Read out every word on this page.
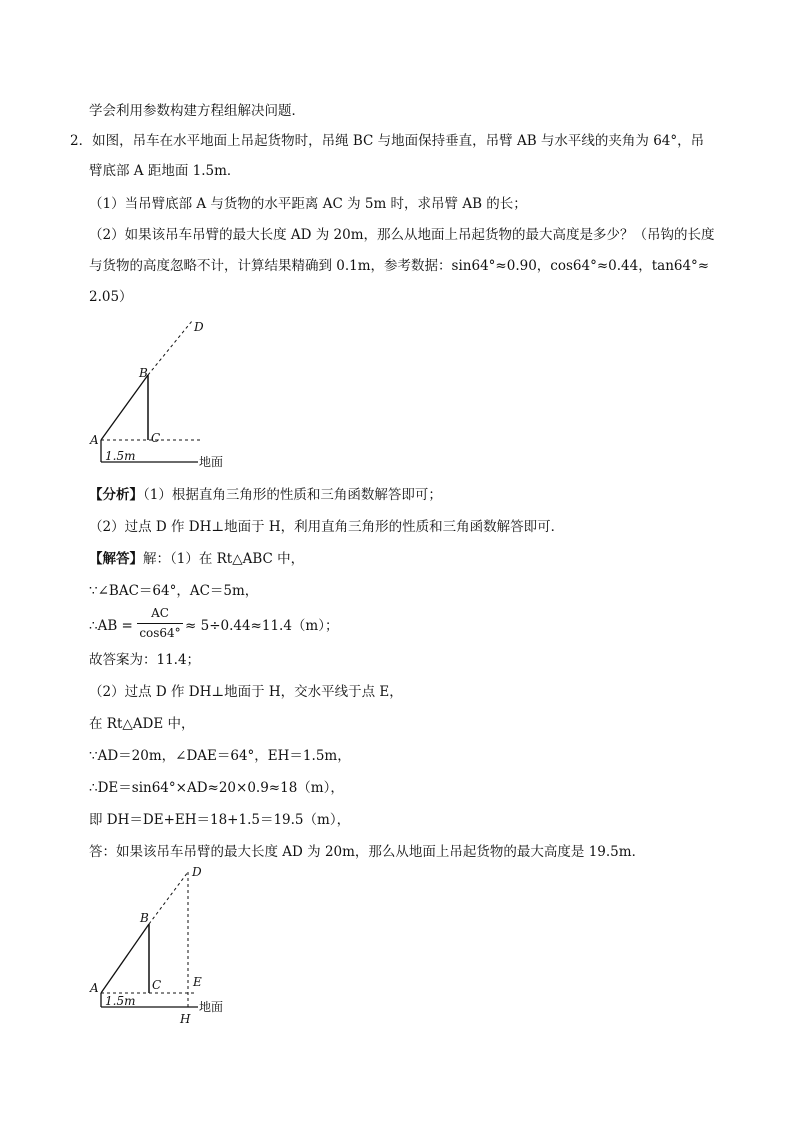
学会利用参数构建方程组解决问题．
2．如图，吊车在水平地面上吊起货物时，吊绳 BC 与地面保持垂直，吊臂 AB 与水平线的夹角为 64°，吊
臂底部 A 距地面 1.5m．
（1）当吊臂底部 A 与货物的水平距离 AC 为 5m 时，求吊臂 AB 的长；
（2）如果该吊车吊臂的最大长度 AD 为 20m，那么从地面上吊起货物的最大高度是多少？（吊钩的长度
与货物的高度忽略不计，计算结果精确到 0.1m，参考数据：sin64°≈0.90，cos64°≈0.44，tan64°≈
2.05）
D
B
C
A
1.5m	地面
【分析】（1）根据直角三角形的性质和三角函数解答即可；
（2）过点 D 作 DH⊥地面于 H，利用直角三角形的性质和三角函数解答即可．
【解答】解：（1）在 Rt△ABC 中，
∵∠BAC＝64°，AC＝5m，
∴AB =
AC
cos64° ≈ 5÷0.44≈11.4（m）；
故答案为：11.4；
（2）过点 D 作 DH⊥地面于 H，交水平线于点 E，
在 Rt△ADE 中，
∵AD＝20m，∠DAE＝64°，EH＝1.5m，
∴DE＝sin64°×AD≈20×0.9≈18（m），
即 DH＝DE+EH＝18+1.5＝19.5（m），
答：如果该吊车吊臂的最大长度 AD 为 20m，那么从地面上吊起货物的最大高度是 19.5m．
D
B
C	E
A
H
1.5m	地面
